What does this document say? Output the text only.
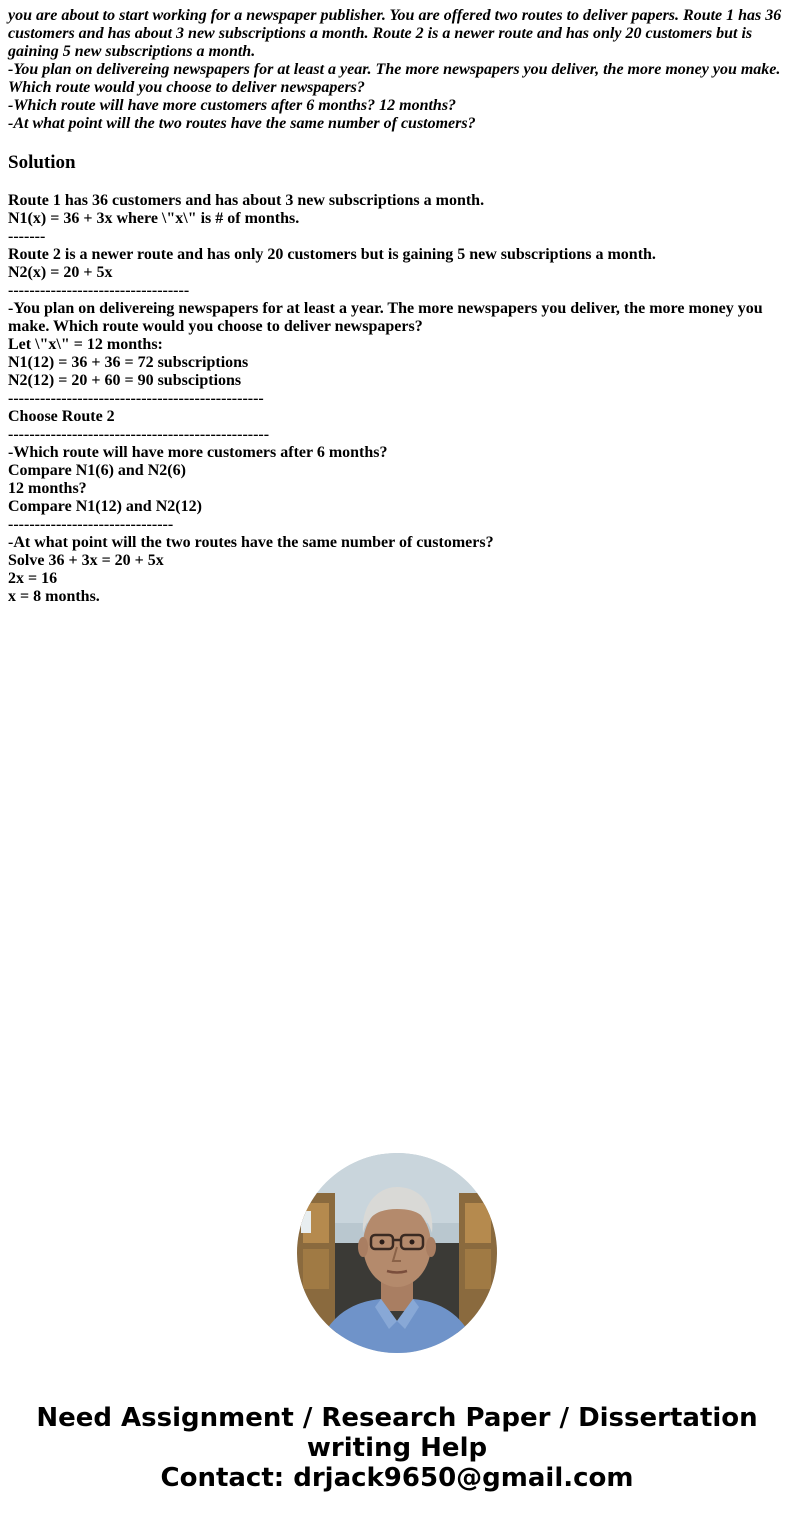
you are about to start working for a newspaper publisher. You are offered two routes to deliver papers. Route 1 has 36 customers and has about 3 new subscriptions a month. Route 2 is a newer route and has only 20 customers but is gaining 5 new subscriptions a month.

-You plan on delivereing newspapers for at least a year. The more newspapers you deliver, the more money you make. Which route would you choose to deliver newspapers?

-Which route will have more customers after 6 months? 12 months?

-At what point will the two routes have the same number of customers?

Solution
Route 1 has 36 customers and has about 3 new subscriptions a month.
N1(x) = 36 + 3x where \"x\" is # of months.
-------
Route 2 is a newer route and has only 20 customers but is gaining 5 new subscriptions a month.
N2(x) = 20 + 5x
----------------------------------
-You plan on delivereing newspapers for at least a year. The more newspapers you deliver, the more money you make. Which route would you choose to deliver newspapers?
Let \"x\" = 12 months:
N1(12) = 36 + 36 = 72 subscriptions
N2(12) = 20 + 60 = 90 subsciptions
------------------------------------------------
Choose Route 2
-------------------------------------------------
-Which route will have more customers after 6 months?
Compare N1(6) and N2(6)
12 months?
Compare N1(12) and N2(12)
-------------------------------
-At what point will the two routes have the same number of customers?
Solve 36 + 3x = 20 + 5x
2x = 16
x = 8 months.
Need Assignment / Research Paper / Dissertation
writing Help
Contact: drjack9650@gmail.com
